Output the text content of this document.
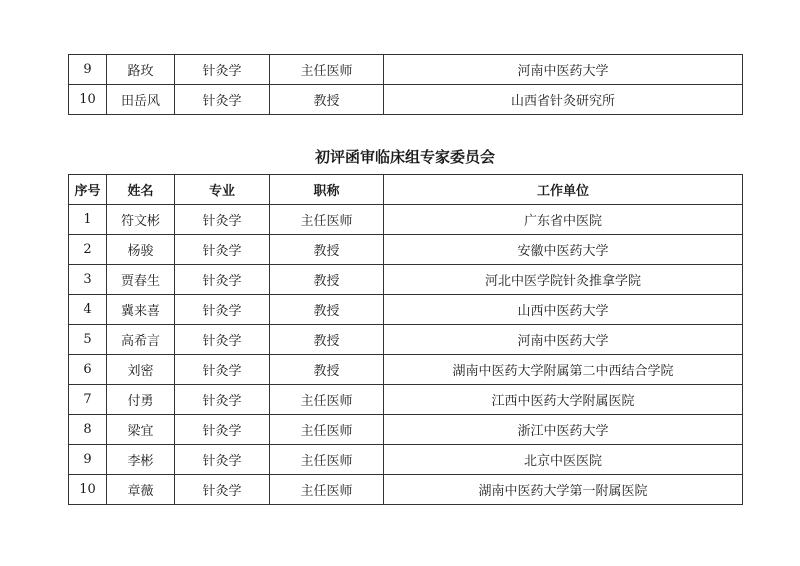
9	路玫	针灸学	主任医师	河南中医药大学
10	田岳风	针灸学	教授	山西省针灸研究所
初评函审临床组专家委员会
序号	姓名	专业	职称	工作单位
1	符文彬	针灸学	主任医师	广东省中医院
2	杨骏	针灸学	教授	安徽中医药大学
3	贾春生	针灸学	教授	河北中医学院针灸推拿学院
4	冀来喜	针灸学	教授	山西中医药大学
5	高希言	针灸学	教授	河南中医药大学
6	刘密	针灸学	教授	湖南中医药大学附属第二中西结合学院
7	付勇	针灸学	主任医师	江西中医药大学附属医院
8	梁宜	针灸学	主任医师	浙江中医药大学
9	李彬	针灸学	主任医师	北京中医医院
10	章薇	针灸学	主任医师	湖南中医药大学第一附属医院
